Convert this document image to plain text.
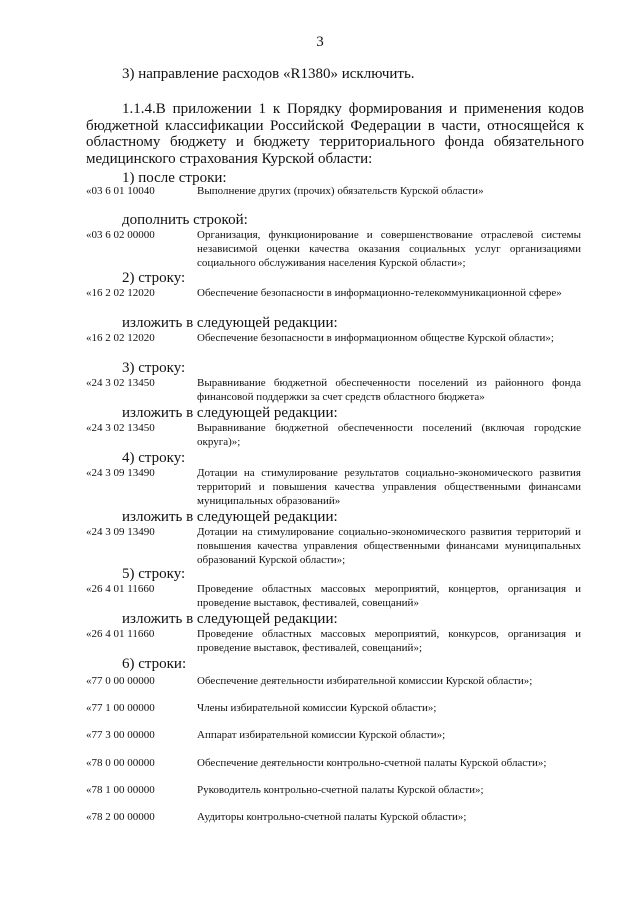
3

3) направление расходов «R1380» исключить.

1.1.4.В приложении 1 к Порядку формирования и применения кодов бюджетной классификации Российской Федерации в части, относящейся к областному бюджету и бюджету территориального фонда обязательного медицинского страхования Курской области:

1) после строки:
дополнить строкой:
2) строку:
изложить в следующей редакции:
3) строку:
изложить в следующей редакции:
4) строку:
изложить в следующей редакции:
5) строку:
изложить в следующей редакции:
6) строки:
«03 6 01 10040	Выполнение других (прочих) обязательств Курской области»
«03 6 02 00000	Организация, функционирование и совершенствование отраслевой системы независимой оценки качества оказания социальных услуг организациями социального обслуживания населения Курской области»;
«16 2 02 12020	Обеспечение безопасности в информационно-телекоммуникационной сфере»
«16 2 02 12020	Обеспечение безопасности в информационном обществе Курской области»;
«24 3 02 13450	Выравнивание бюджетной обеспеченности поселений из районного фонда финансовой поддержки за счет средств областного бюджета»
«24 3 02 13450	Выравнивание бюджетной обеспеченности поселений (включая городские округа)»;
«24 3 09 13490	Дотации на стимулирование результатов социально-экономического развития территорий и повышения качества управления общественными финансами муниципальных образований»
«24 3 09 13490	Дотации на стимулирование социально-экономического развития территорий и повышения качества управления общественными финансами муниципальных образований Курской области»;
«26 4 01 11660	Проведение областных массовых мероприятий, концертов, организация и проведение выставок, фестивалей, совещаний»
«26 4 01 11660	Проведение областных массовых мероприятий, конкурсов, организация и проведение выставок, фестивалей, совещаний»;
«77 0 00 00000	Обеспечение деятельности избирательной комиссии Курской области»;
«77 1 00 00000	Члены избирательной комиссии Курской области»;
«77 3 00 00000	Аппарат избирательной комиссии Курской области»;
«78 0 00 00000	Обеспечение деятельности контрольно-счетной палаты Курской области»;
«78 1 00 00000	Руководитель контрольно-счетной палаты Курской области»;
«78 2 00 00000	Аудиторы контрольно-счетной палаты Курской области»;
